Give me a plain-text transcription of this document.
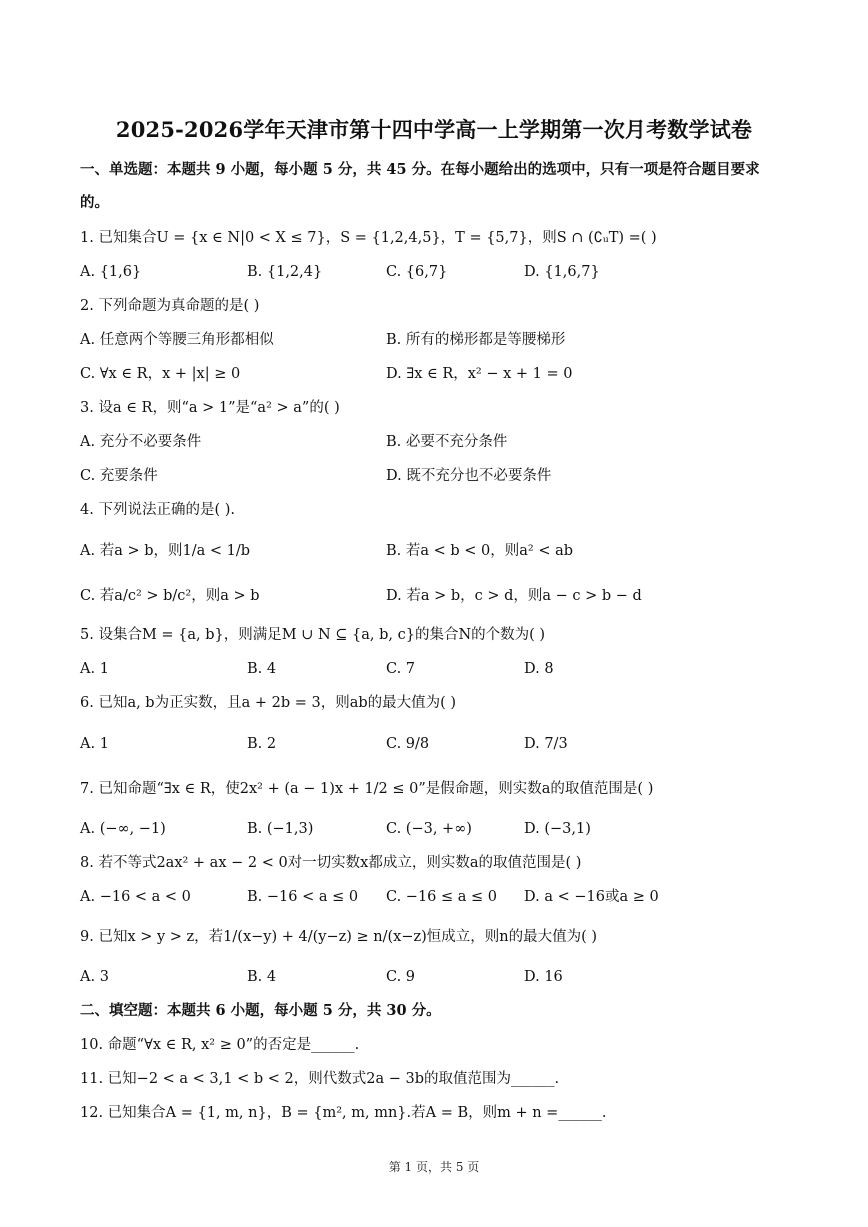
2025-2026学年天津市第十四中学高一上学期第一次月考数学试卷
一、单选题：本题共 9 小题，每小题 5 分，共 45 分。在每小题给出的选项中，只有一项是符合题目要求
的。
1. 已知集合U = {x ∈ N|0 < X ≤ 7}，S = {1,2,4,5}，T = {5,7}，则S ∩ (∁ᵤT) =( )
A. {1,6}	B. {1,2,4}	C. {6,7}	D. {1,6,7}
2. 下列命题为真命题的是( )
A. 任意两个等腰三角形都相似	B. 所有的梯形都是等腰梯形
C. ∀x ∈ R，x + |x| ≥ 0	D. ∃x ∈ R，x² − x + 1 = 0
3. 设a ∈ R，则“a > 1”是“a² > a”的( )
A. 充分不必要条件	B. 必要不充分条件
C. 充要条件	D. 既不充分也不必要条件
4. 下列说法正确的是( ).
A. 若a > b，则1/a < 1/b	B. 若a < b < 0，则a² < ab
C. 若a/c² > b/c²，则a > b	D. 若a > b，c > d，则a − c > b − d
5. 设集合M = {a, b}，则满足M ∪ N ⊆ {a, b, c}的集合N的个数为( )
A. 1	B. 4	C. 7	D. 8
6. 已知a, b为正实数，且a + 2b = 3，则ab的最大值为( )
A. 1	B. 2	C. 9/8	D. 7/3
7. 已知命题“∃x ∈ R，使2x² + (a − 1)x + 1/2 ≤ 0”是假命题，则实数a的取值范围是( )
A. (−∞, −1)	B. (−1,3)	C. (−3, +∞)	D. (−3,1)
8. 若不等式2ax² + ax − 2 < 0对一切实数x都成立，则实数a的取值范围是( )
A. −16 < a < 0	B. −16 < a ≤ 0 C. −16 ≤ a ≤ 0 D. a < −16或a ≥ 0
9. 已知x > y > z，若1/(x−y) + 4/(y−z) ≥ n/(x−z)恒成立，则n的最大值为( )
A. 3	B. 4	C. 9	D. 16
二、填空题：本题共 6 小题，每小题 5 分，共 30 分。
10. 命题“∀x ∈ R, x² ≥ 0”的否定是______.
11. 已知−2 < a < 3,1 < b < 2，则代数式2a − 3b的取值范围为______.
12. 已知集合A = {1, m, n}，B = {m², m, mn}.若A = B，则m + n =______.
第 1 页，共 5 页
